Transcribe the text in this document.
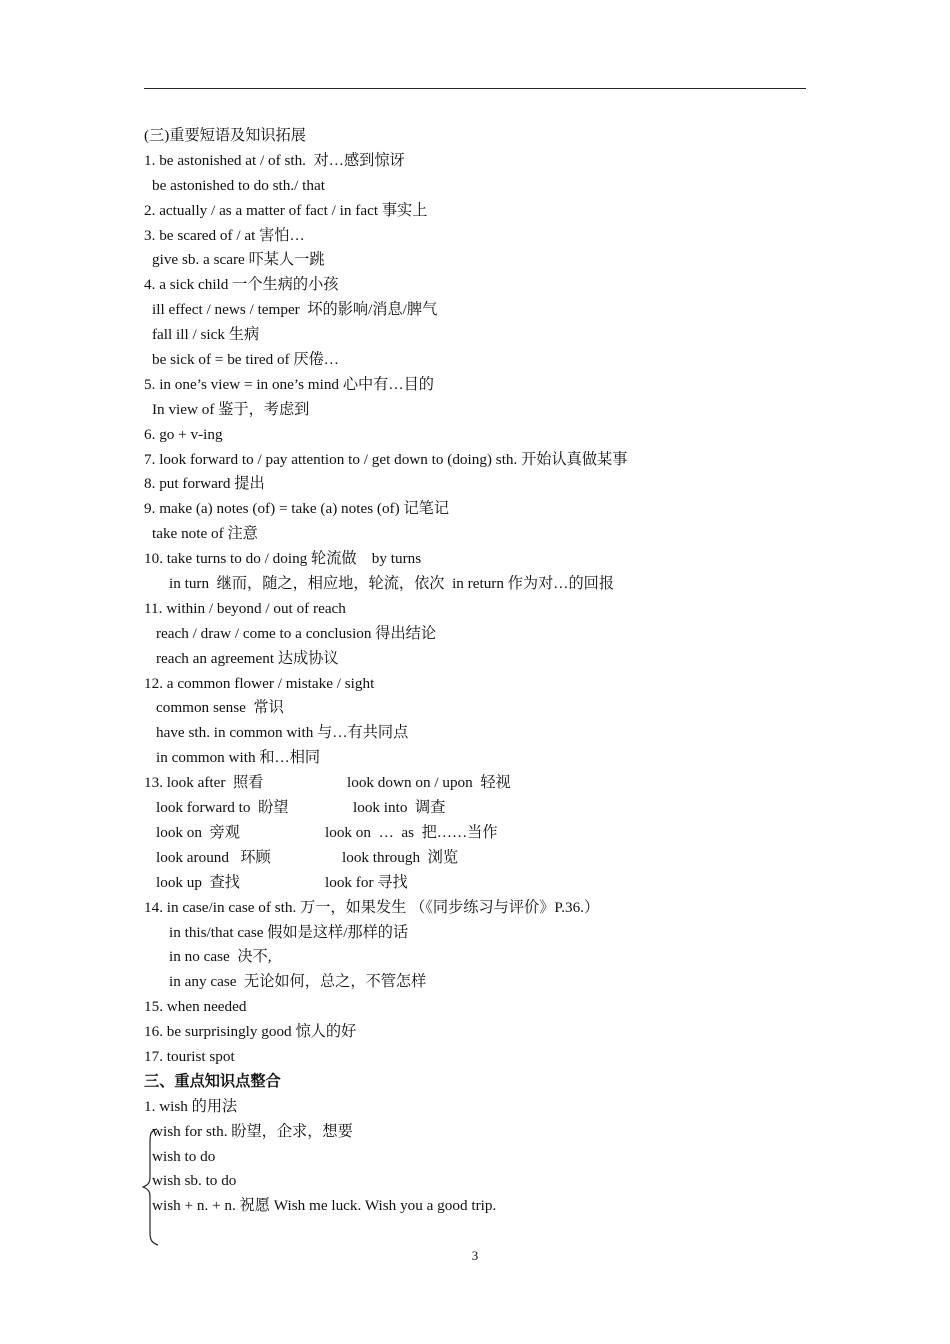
(三)重要短语及知识拓展
1. be astonished at / of sth.  对…感到惊讶
be astonished to do sth./ that
2. actually / as a matter of fact / in fact 事实上
3. be scared of / at 害怕…
give sb. a scare 吓某人一跳
4. a sick child 一个生病的小孩
ill effect / news / temper  坏的影响/消息/脾气
fall ill / sick 生病
be sick of = be tired of 厌倦…
5. in one’s view = in one’s mind 心中有…目的
In view of 鉴于，考虑到
6. go + v-ing
7. look forward to / pay attention to / get down to (doing) sth. 开始认真做某事
8. put forward 提出
9. make (a) notes (of) = take (a) notes (of) 记笔记
take note of 注意
10. take turns to do / doing 轮流做    by turns
in turn  继而，随之，相应地，轮流，依次  in return 作为对…的回报
11. within / beyond / out of reach
reach / draw / come to a conclusion 得出结论
reach an agreement 达成协议
12. a common flower / mistake / sight
common sense  常识
have sth. in common with 与…有共同点
in common with 和…相同
13. look after  照看	look down on / upon  轻视
look forward to  盼望	look into  调查
look on  旁观	look on  …  as  把……当作
look around   环顾	look through  浏览
look up  查找	look for 寻找
14. in case/in case of sth. 万一，如果发生 （《同步练习与评价》P.36.）
in this/that case 假如是这样/那样的话
in no case  决不,
in any case  无论如何，总之，不管怎样
15. when needed
16. be surprisingly good 惊人的好
17. tourist spot
三、重点知识点整合
1. wish 的用法
wish for sth. 盼望，企求，想要
wish to do
wish sb. to do
wish + n. + n. 祝愿 Wish me luck. Wish you a good trip.
3
